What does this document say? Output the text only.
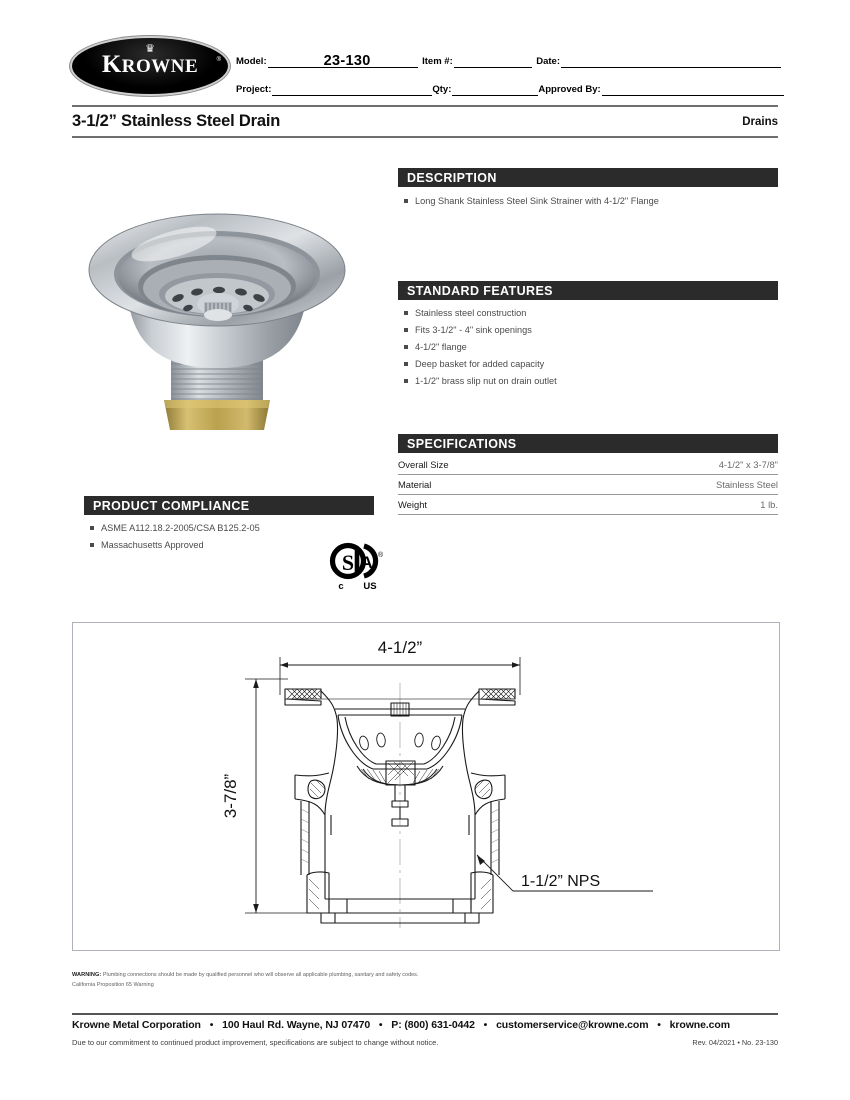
♛
KROWNE	® Model:	23-130	Item #:	Date:
Project:	Qty:	Approved By:
3-1/2” Stainless Steel Drain	Drains
DESCRIPTION
Long Shank Stainless Steel Sink Strainer with 4-1/2" Flange
STANDARD FEATURES
Stainless steel construction
Fits 3-1/2" - 4" sink openings
4-1/2" flange
Deep basket for added capacity
1-1/2" brass slip nut on drain outlet
SPECIFICATIONS
Overall Size	4-1/2" x 3-7/8"
Material	Stainless Steel
Weight	1 lb.
PRODUCT COMPLIANCE
ASME A112.18.2-2005/CSA B125.2-05
Massachusetts Approved
S A ®
c US
4-1/2”
3-7/8”
1-1/2” NPS

WARNING: Plumbing connections should be made by qualified personnel who will observe all applicable plumbing, sanitary and safety codes.

California Proposition 65 Warning

Krowne Metal Corporation • 100 Haul Rd. Wayne, NJ 07470 • P: (800) 631-0442 • customerservice@krowne.com • krowne.com
Due to our commitment to continued product improvement, specifications are subject to change without notice.	Rev. 04/2021 • No. 23-130
